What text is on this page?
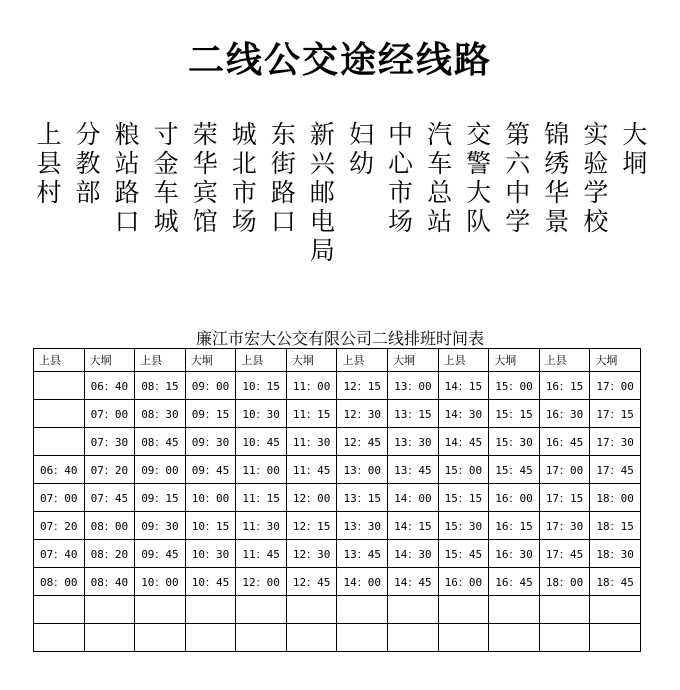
二线公交途经线路
上
县
村
分
教
部
粮
站
路
口
寸
金
车
城
荣
华
宾
馆
城
北
市
场
东
街
路
口
新
兴
邮
电
局
妇
幼
中
心
市
场
汽
车
总
站
交
警
大
队
第
六
中
学
锦
绣
华
景
实
验
学
校
大
垌
廉江市宏大公交有限公司二线排班时间表
上县	大垌	上县	大垌	上县	大垌	上县	大垌	上县	大垌	上县	大垌
	06：40	08：15	09：00	10：15	11：00	12：15	13：00	14：15	15：00	16：15	17：00
	07：00	08：30	09：15	10：30	11：15	12：30	13：15	14：30	15：15	16：30	17：15
	07：30	08：45	09：30	10：45	11：30	12：45	13：30	14：45	15：30	16：45	17：30
06：40	07：20	09：00	09：45	11：00	11：45	13：00	13：45	15：00	15：45	17：00	17：45
07：00	07：45	09：15	10：00	11：15	12：00	13：15	14：00	15：15	16：00	17：15	18：00
07：20	08：00	09：30	10：15	11：30	12：15	13：30	14：15	15：30	16：15	17：30	18：15
07：40	08：20	09：45	10：30	11：45	12：30	13：45	14：30	15：45	16：30	17：45	18：30
08：00	08：40	10：00	10：45	12：00	12：45	14：00	14：45	16：00	16：45	18：00	18：45
